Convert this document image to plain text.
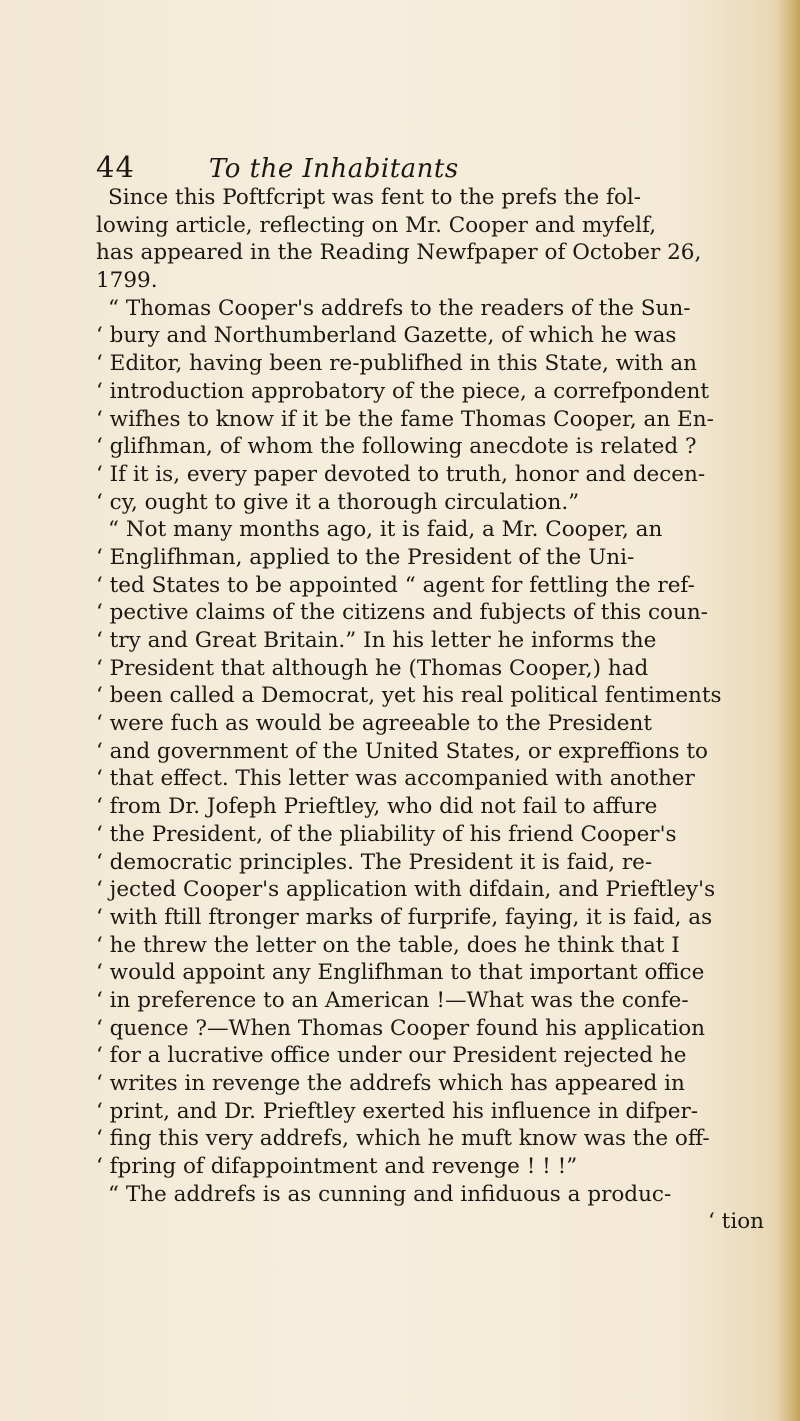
44	To the Inhabitants
Since this Poftfcript was fent to the prefs the fol-
lowing article, reflecting on Mr. Cooper and myfelf,
has appeared in the Reading Newfpaper of October 26,
1799.
“ Thomas Cooper's addrefs to the readers of the Sun-
‘ bury and Northumberland Gazette, of which he was
‘ Editor, having been re-publifhed in this State, with an
‘ introduction approbatory of the piece, a correfpondent
‘ wifhes to know if it be the fame Thomas Cooper, an En-
‘ glifhman, of whom the following anecdote is related ?
‘ If it is, every paper devoted to truth, honor and decen-
‘ cy, ought to give it a thorough circulation.”
“ Not many months ago, it is faid, a Mr. Cooper, an
‘ Englifhman, applied to the President of the Uni-
‘ ted States to be appointed “ agent for fettling the ref-
‘ pective claims of the citizens and fubjects of this coun-
‘ try and Great Britain.” In his letter he informs the
‘ President that although he (Thomas Cooper,) had
‘ been called a Democrat, yet his real political fentiments
‘ were fuch as would be agreeable to the President
‘ and government of the United States, or expreffions to
‘ that effect. This letter was accompanied with another
‘ from Dr. Jofeph Prieftley, who did not fail to affure
‘ the President, of the pliability of his friend Cooper's
‘ democratic principles. The President it is faid, re-
‘ jected Cooper's application with difdain, and Prieftley's
‘ with ftill ftronger marks of furprife, faying, it is faid, as
‘ he threw the letter on the table, does he think that I
‘ would appoint any Englifhman to that important office
‘ in preference to an American !—What was the confe-
‘ quence ?—When Thomas Cooper found his application
‘ for a lucrative office under our President rejected he
‘ writes in revenge the addrefs which has appeared in
‘ print, and Dr. Prieftley exerted his influence in difper-
‘ fing this very addrefs, which he muft know was the off-
‘ fpring of difappointment and revenge ! ! !”
“ The addrefs is as cunning and infiduous a produc-
‘ tion
